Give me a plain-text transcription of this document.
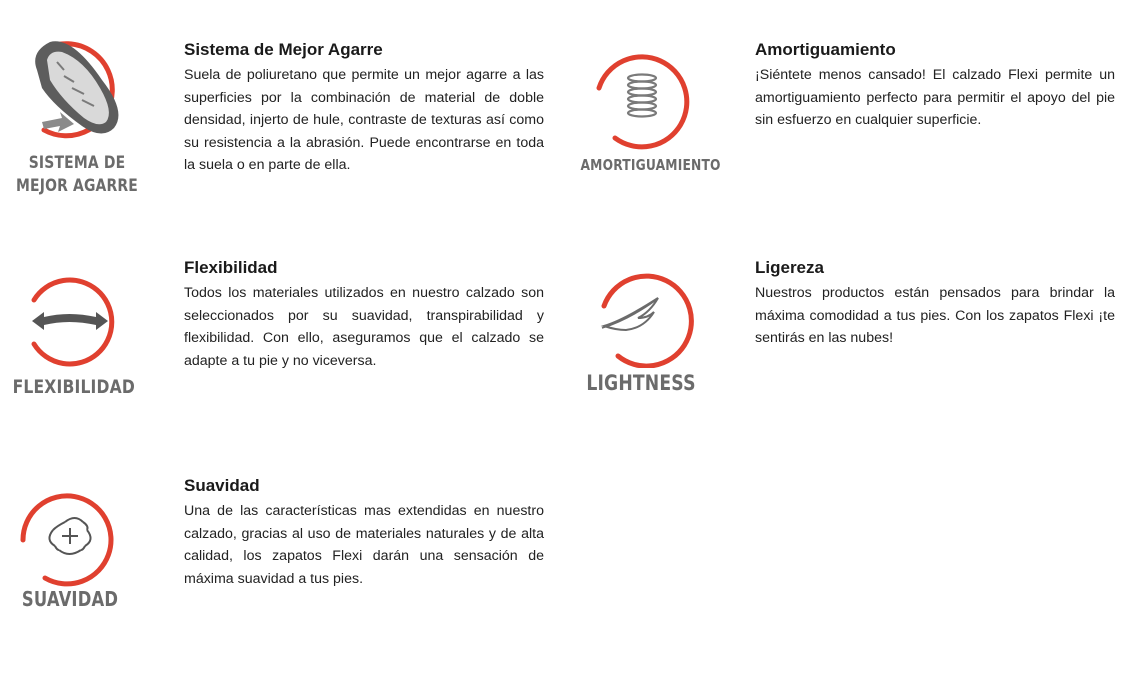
SISTEMA DE
MEJOR AGARRE
Sistema de Mejor Agarre

Suela de poliuretano que permite un mejor agarre a las superficies por la combinación de material de doble densidad, injerto de hule, contraste de texturas así como su resistencia a la abrasión. Puede encontrarse en toda la suela o en parte de ella.	AMORTIGUAMIENTO
Amortiguamiento

¡Siéntete menos cansado! El calzado Flexi permite un amortiguamiento perfecto para permitir el apoyo del pie sin esfuerzo en cualquier superficie.

FLEXIBILIDAD
Flexibilidad

Todos los materiales utilizados en nuestro calzado son seleccionados por su suavidad, transpirabilidad y flexibilidad. Con ello, aseguramos que el calzado se adapte a tu pie y no viceversa.

LIGHTNESS
Ligereza

Nuestros productos están pensados para brindar la máxima comodidad a tus pies. Con los zapatos Flexi ¡te sentirás en las nubes!

SUAVIDAD
Suavidad

Una de las características mas extendidas en nuestro calzado, gracias al uso de materiales naturales y de alta calidad, los zapatos Flexi darán una sensación de máxima suavidad a tus pies.
